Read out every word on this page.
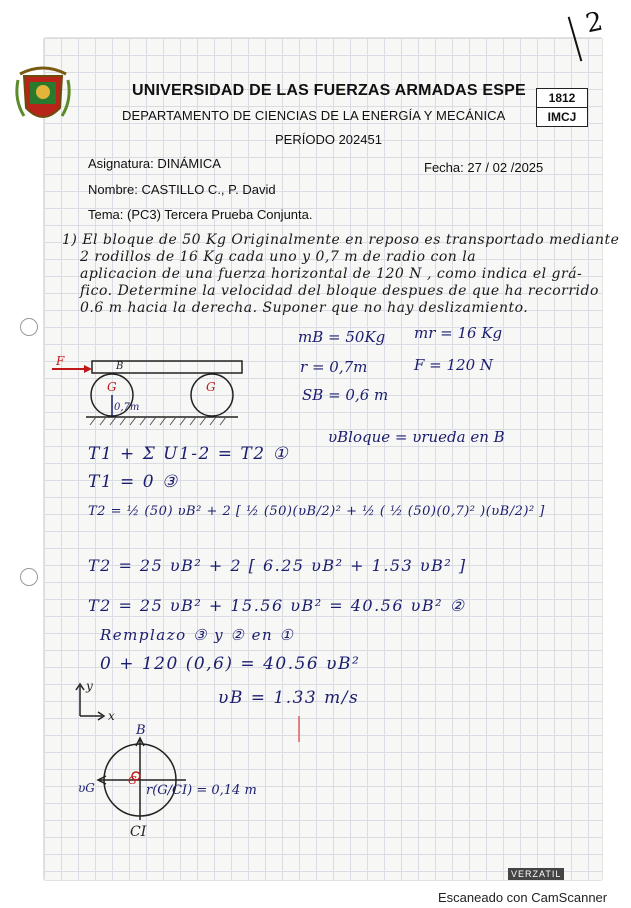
2
UNIVERSIDAD DE LAS FUERZAS ARMADAS ESPE
DEPARTAMENTO DE CIENCIAS DE LA ENERGÍA Y MECÁNICA
PERÍODO 202451
1812
IMCJ
Asignatura: DINÁMICA	Fecha: 27 / 02 /2025
Nombre: CASTILLO C., P. David
Tema: (PC3) Tercera Prueba Conjunta.
1) El bloque de 50 Kg Originalmente en reposo es transportado mediante
2 rodillos de 16 Kg cada uno y 0,7 m de radio con la
aplicacion de una fuerza horizontal de 120 N , como indica el grá-
fico. Determine la velocidad del bloque despues de que ha recorrido
0.6 m hacia la derecha. Suponer que no hay deslizamiento.
mB = 50Kg mr = 16 Kg
r = 0,7m	F = 120 N
SB = 0,6 m
F	B
G	G
0,7m
υBloque = υrueda en B
T1 + Σ U1-2 = T2 ①
T1 = 0 ③
T2 = ½ (50) υB² + 2 [ ½ (50)(υB/2)² + ½ ( ½ (50)(0,7)² )(υB/2)² ]
T2 = 25 υB² + 2 [ 6.25 υB² + 1.53 υB² ]
T2 = 25 υB² + 15.56 υB² = 40.56 υB² ②
Remplazo ③ y ② en ①
0 + 120 (0,6) = 40.56 υB²
υB = 1.33 m/s
y
x
B
υG
G
r(G/CI) = 0,14 m
CI
VERZATIL
Escaneado con CamScanner
